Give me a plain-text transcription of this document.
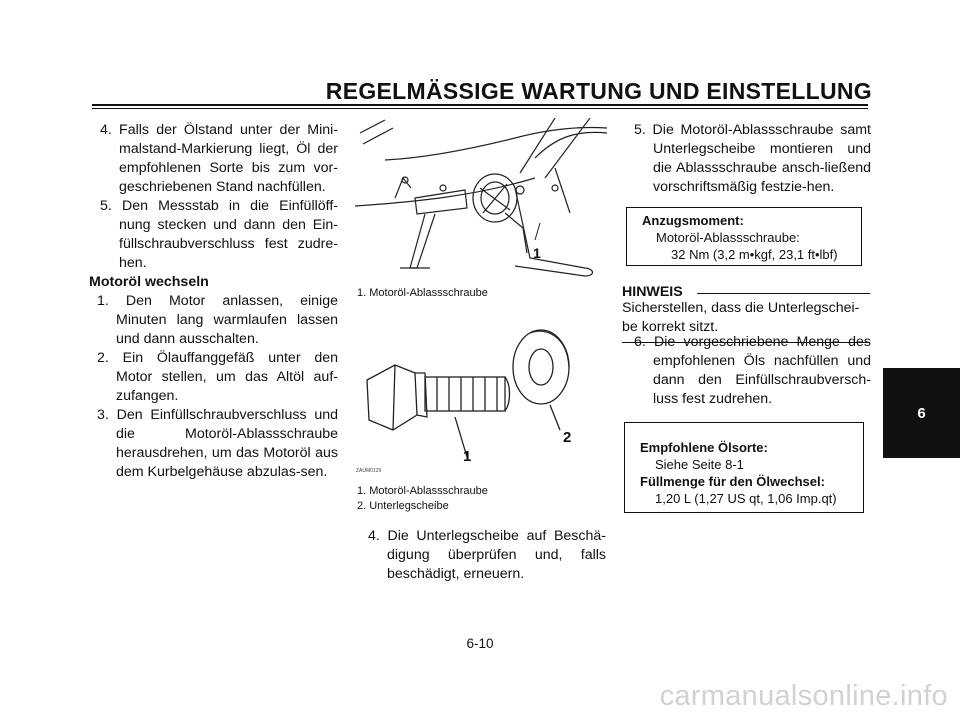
REGELMÄSSIGE WARTUNG UND EINSTELLUNG

4. Falls der Ölstand unter der Mini-malstand-Markierung liegt, Öl der empfohlenen Sorte bis zum vor-geschriebenen Stand nachfüllen.

5. Den Messstab in die Einfüllöff-nung stecken und dann den Ein-füllschraubverschluss fest zudre-hen.

Motoröl wechseln

1. Den Motor anlassen, einige Minuten lang warmlaufen lassen und dann ausschalten.

2. Ein Ölauffanggefäß unter den Motor stellen, um das Altöl auf-zufangen.

3. Den Einfüllschraubverschluss und die Motoröl-Ablassschraube herausdrehen, um das Motoröl aus dem Kurbelgehäuse abzulas-sen.

1
1. Motoröl-Ablassschraube
1
2
ZAUM0129
1. Motoröl-Ablassschraube
2. Unterlegscheibe

4. Die Unterlegscheibe auf Beschä-digung überprüfen und, falls beschädigt, erneuern.

5. Die Motoröl-Ablassschraube samt Unterlegscheibe montieren und die Ablassschraube ansch-ließend vorschriftsmäßig festzie-hen.

Anzugsmoment:
Motoröl-Ablassschraube:
32 Nm (3,2 m•kgf, 23,1 ft•lbf)
HINWEIS
Sicherstellen, dass die Unterlegschei-be korrekt sitzt.

6. Die vorgeschriebene Menge des empfohlenen Öls nachfüllen und dann den Einfüllschraubversch-luss fest zudrehen.

Empfohlene Ölsorte:
Siehe Seite 8-1
Füllmenge für den Ölwechsel:
1,20 L (1,27 US qt, 1,06 Imp.qt)
6
6-10
carmanualsonline.info
